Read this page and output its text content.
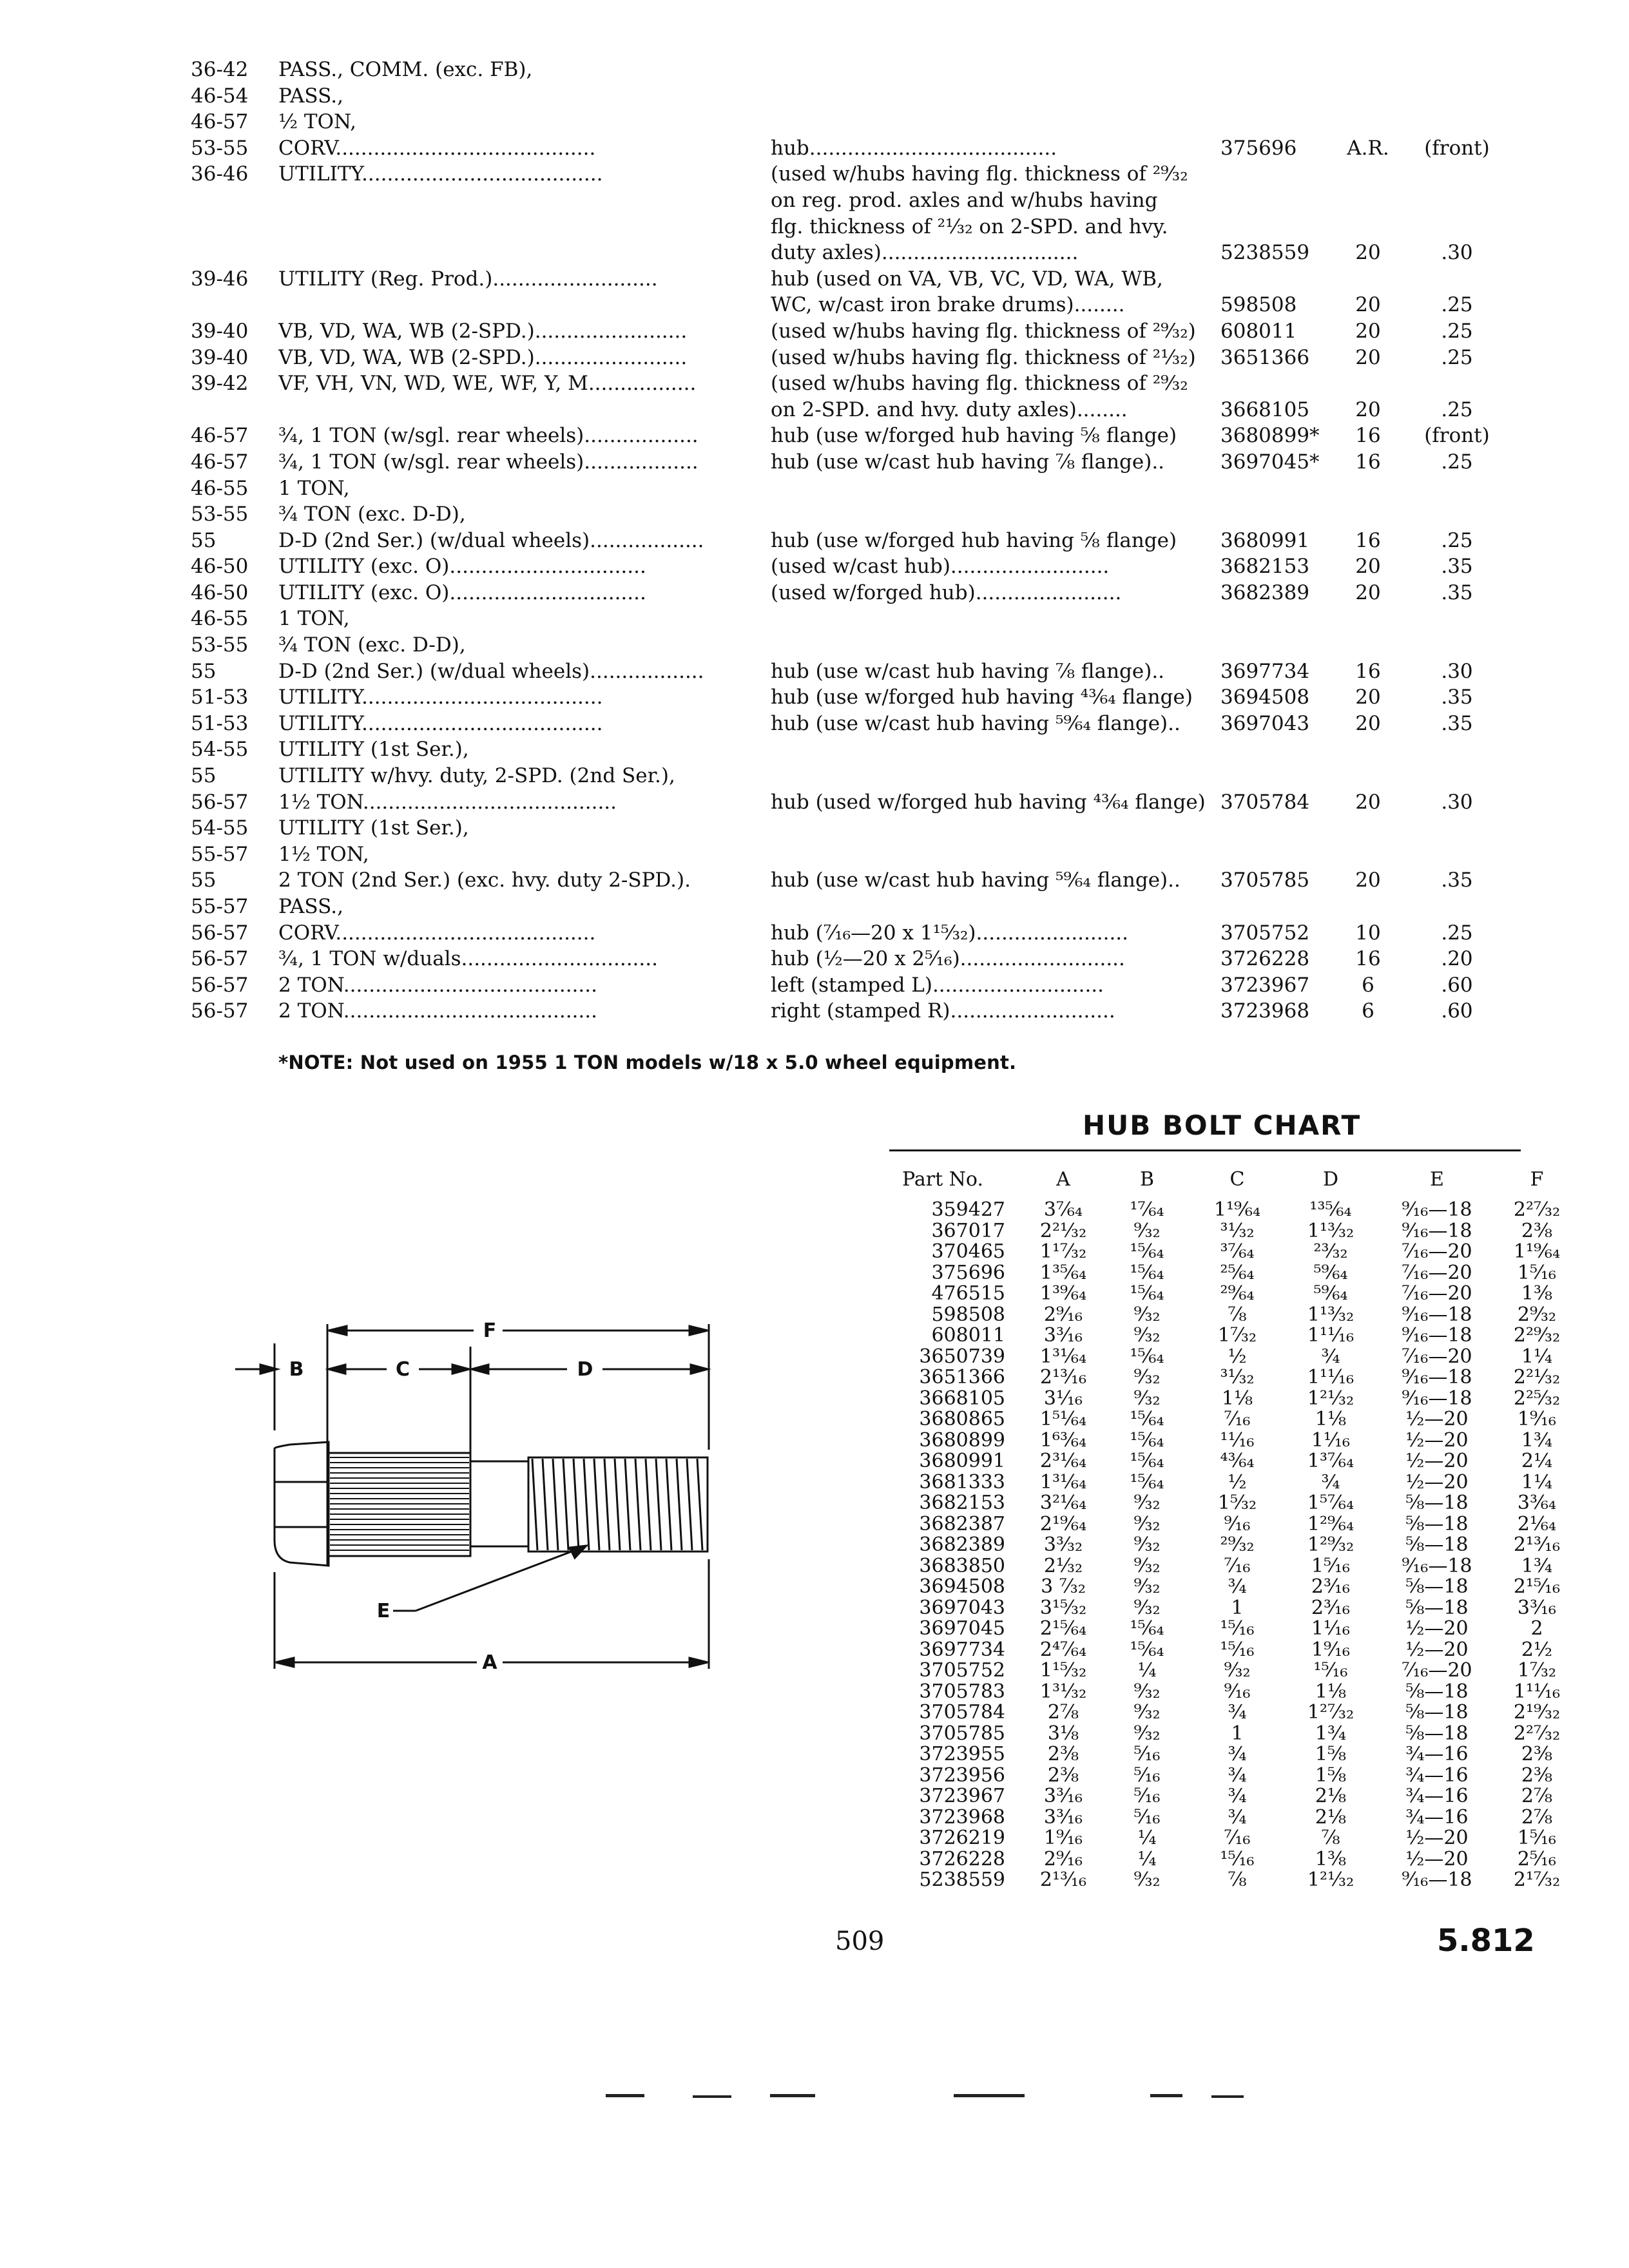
36-42	PASS., COMM. (exc. FB),
46-54	PASS.,
46-57	½ TON,
53-55	CORV.........................................	hub.......................................	375696	A.R.	(front)
36-46	UTILITY......................................	(used w/hubs having flg. thickness of ²⁹⁄₃₂
on reg. prod. axles and w/hubs having
flg. thickness of ²¹⁄₃₂ on 2-SPD. and hvy.
duty axles)...............................	5238559	20	.30
39-46	UTILITY (Reg. Prod.)..........................	hub (used on VA, VB, VC, VD, WA, WB,
WC, w/cast iron brake drums)........	598508	20	.25
39-40	VB, VD, WA, WB (2-SPD.)........................	(used w/hubs having flg. thickness of ²⁹⁄₃₂)	608011	20	.25
39-40	VB, VD, WA, WB (2-SPD.)........................	(used w/hubs having flg. thickness of ²¹⁄₃₂)	3651366	20	.25
39-42	VF, VH, VN, WD, WE, WF, Y, M.................	(used w/hubs having flg. thickness of ²⁹⁄₃₂
on 2-SPD. and hvy. duty axles)........	3668105	20	.25
46-57	¾, 1 TON (w/sgl. rear wheels)..................	hub (use w/forged hub having ⅝ flange)	3680899*	16	(front)
46-57	¾, 1 TON (w/sgl. rear wheels)..................	hub (use w/cast hub having ⅞ flange)..	3697045*	16	.25
46-55	1 TON,
53-55	¾ TON (exc. D-D),
55	D-D (2nd Ser.) (w/dual wheels)..................	hub (use w/forged hub having ⅝ flange)	3680991	16	.25
46-50	UTILITY (exc. O)...............................	(used w/cast hub).........................	3682153	20	.35
46-50	UTILITY (exc. O)...............................	(used w/forged hub).......................	3682389	20	.35
46-55	1 TON,
53-55	¾ TON (exc. D-D),
55	D-D (2nd Ser.) (w/dual wheels)..................	hub (use w/cast hub having ⅞ flange)..	3697734	16	.30
51-53	UTILITY......................................	hub (use w/forged hub having ⁴³⁄₆₄ flange)	3694508	20	.35
51-53	UTILITY......................................	hub (use w/cast hub having ⁵⁹⁄₆₄ flange)..	3697043	20	.35
54-55	UTILITY (1st Ser.),
55	UTILITY w/hvy. duty, 2-SPD. (2nd Ser.),
56-57	1½ TON........................................	hub (used w/forged hub having ⁴³⁄₆₄ flange) 3705784	20	.30
54-55	UTILITY (1st Ser.),
55-57	1½ TON,
55	2 TON (2nd Ser.) (exc. hvy. duty 2-SPD.).	hub (use w/cast hub having ⁵⁹⁄₆₄ flange)..	3705785	20	.35
55-57	PASS.,
56-57	CORV.........................................	hub (⁷⁄₁₆—20 x 1¹⁵⁄₃₂)........................	3705752	10	.25
56-57	¾, 1 TON w/duals...............................	hub (½—20 x 2⁵⁄₁₆)..........................	3726228	16	.20
56-57	2 TON........................................	left (stamped L)...........................	3723967	6	.60
56-57	2 TON........................................	right (stamped R)..........................	3723968	6	.60
*NOTE: Not used on 1955 1 TON models w/18 x 5.0 wheel equipment.
HUB BOLT CHART
Part No.	A	B	C	D	E	F
359427	3⁷⁄₆₄	¹⁷⁄₆₄	1¹⁹⁄₆₄	¹³⁵⁄₆₄	⁹⁄₁₆—18	2²⁷⁄₃₂
367017	2²¹⁄₃₂	⁹⁄₃₂	³¹⁄₃₂	1¹³⁄₃₂	⁹⁄₁₆—18	2³⁄₈
370465	1¹⁷⁄₃₂	¹⁵⁄₆₄	³⁷⁄₆₄	²³⁄₃₂	⁷⁄₁₆—20	1¹⁹⁄₆₄
375696	1³⁵⁄₆₄	¹⁵⁄₆₄	²⁵⁄₆₄	⁵⁹⁄₆₄	⁷⁄₁₆—20	1⁵⁄₁₆
476515	1³⁹⁄₆₄	¹⁵⁄₆₄	²⁹⁄₆₄	⁵⁹⁄₆₄	⁷⁄₁₆—20	1³⁄₈
598508	2⁹⁄₁₆	⁹⁄₃₂	⅞	1¹³⁄₃₂	⁹⁄₁₆—18	2⁹⁄₃₂
608011	3³⁄₁₆	⁹⁄₃₂	1⁷⁄₃₂	1¹¹⁄₁₆	⁹⁄₁₆—18	2²⁹⁄₃₂
3650739	1³¹⁄₆₄	¹⁵⁄₆₄	½	¾	⁷⁄₁₆—20	1¼
3651366	2¹³⁄₁₆	⁹⁄₃₂	³¹⁄₃₂	1¹¹⁄₁₆	⁹⁄₁₆—18	2²¹⁄₃₂
3668105	3¹⁄₁₆	⁹⁄₃₂	1⅛	1²¹⁄₃₂	⁹⁄₁₆—18	2²⁵⁄₃₂
3680865	1⁵¹⁄₆₄	¹⁵⁄₆₄	⁷⁄₁₆	1⅛	½—20	1⁹⁄₁₆
3680899	1⁶³⁄₆₄	¹⁵⁄₆₄	¹¹⁄₁₆	1¹⁄₁₆	½—20	1¾
3680991	2³¹⁄₆₄	¹⁵⁄₆₄	⁴³⁄₆₄	1³⁷⁄₆₄	½—20	2¼
3681333	1³¹⁄₆₄	¹⁵⁄₆₄	½	¾	½—20	1¼
3682153	3²¹⁄₆₄	⁹⁄₃₂	1⁵⁄₃₂	1⁵⁷⁄₆₄	⅝—18	3³⁄₆₄
3682387	2¹⁹⁄₆₄	⁹⁄₃₂	⁹⁄₁₆	1²⁹⁄₆₄	⅝—18	2¹⁄₆₄
3682389	3³⁄₃₂	⁹⁄₃₂	²⁹⁄₃₂	1²⁹⁄₃₂	⅝—18	2¹³⁄₁₆
3683850	2¹⁄₃₂	⁹⁄₃₂	⁷⁄₁₆	1⁵⁄₁₆	⁹⁄₁₆—18	1¾
3694508	3 ⁷⁄₃₂	⁹⁄₃₂	¾	2³⁄₁₆	⅝—18	2¹⁵⁄₁₆
3697043	3¹⁵⁄₃₂	⁹⁄₃₂	1	2³⁄₁₆	⅝—18	3³⁄₁₆
3697045	2¹⁵⁄₆₄	¹⁵⁄₆₄	¹⁵⁄₁₆	1¹⁄₁₆	½—20	2
3697734	2⁴⁷⁄₆₄	¹⁵⁄₆₄	¹⁵⁄₁₆	1⁹⁄₁₆	½—20	2½
3705752	1¹⁵⁄₃₂	¼	⁹⁄₃₂	¹⁵⁄₁₆	⁷⁄₁₆—20	1⁷⁄₃₂
3705783	1³¹⁄₃₂	⁹⁄₃₂	⁹⁄₁₆	1⅛	⅝—18	1¹¹⁄₁₆
3705784	2⁷⁄₈	⁹⁄₃₂	¾	1²⁷⁄₃₂	⅝—18	2¹⁹⁄₃₂
3705785	3⅛	⁹⁄₃₂	1	1¾	⅝—18	2²⁷⁄₃₂
3723955	2⅜	⁵⁄₁₆	¾	1⅝	¾—16	2⅜
3723956	2⅜	⁵⁄₁₆	¾	1⅝	¾—16	2⅜
3723967	3³⁄₁₆	⁵⁄₁₆	¾	2⅛	¾—16	2⅞
3723968	3³⁄₁₆	⁵⁄₁₆	¾	2⅛	¾—16	2⅞
3726219	1⁹⁄₁₆	¼	⁷⁄₁₆	⅞	½—20	1⁵⁄₁₆
3726228	2⁹⁄₁₆	¼	¹⁵⁄₁₆	1⅜	½—20	2⁵⁄₁₆
5238559	2¹³⁄₁₆	⁹⁄₃₂	⅞	1²¹⁄₃₂	⁹⁄₁₆—18	2¹⁷⁄₃₂
F
B	C	D
E
A
509	5.812
